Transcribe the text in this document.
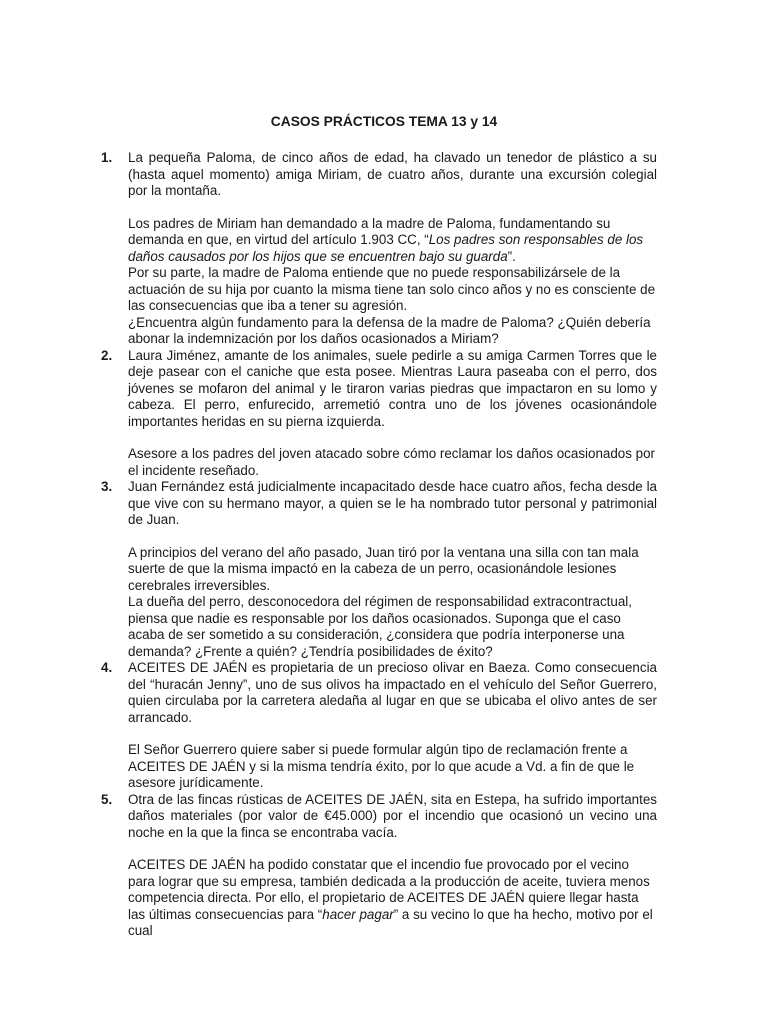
CASOS PRÁCTICOS TEMA 13 y 14
1. La pequeña Paloma, de cinco años de edad, ha clavado un tenedor de plástico a su (hasta aquel momento) amiga Miriam, de cuatro años, durante una excursión colegial por la montaña.

Los padres de Miriam han demandado a la madre de Paloma, fundamentando su demanda en que, en virtud del artículo 1.903 CC, “Los padres son responsables de los daños causados por los hijos que se encuentren bajo su guarda”.

Por su parte, la madre de Paloma entiende que no puede responsabilizársele de la actuación de su hija por cuanto la misma tiene tan solo cinco años y no es consciente de las consecuencias que iba a tener su agresión.

¿Encuentra algún fundamento para la defensa de la madre de Paloma? ¿Quién debería abonar la indemnización por los daños ocasionados a Miriam?

2. Laura Jiménez, amante de los animales, suele pedirle a su amiga Carmen Torres que le deje pasear con el caniche que esta posee. Mientras Laura paseaba con el perro, dos jóvenes se mofaron del animal y le tiraron varias piedras que impactaron en su lomo y cabeza. El perro, enfurecido, arremetió contra uno de los jóvenes ocasionándole importantes heridas en su pierna izquierda.

Asesore a los padres del joven atacado sobre cómo reclamar los daños ocasionados por el incidente reseñado.

3. Juan Fernández está judicialmente incapacitado desde hace cuatro años, fecha desde la que vive con su hermano mayor, a quien se le ha nombrado tutor personal y patrimonial de Juan.

A principios del verano del año pasado, Juan tiró por la ventana una silla con tan mala suerte de que la misma impactó en la cabeza de un perro, ocasionándole lesiones cerebrales irreversibles.

La dueña del perro, desconocedora del régimen de responsabilidad extracontractual, piensa que nadie es responsable por los daños ocasionados. Suponga que el caso acaba de ser sometido a su consideración, ¿considera que podría interponerse una demanda? ¿Frente a quién? ¿Tendría posibilidades de éxito?

4. ACEITES DE JAÉN es propietaria de un precioso olivar en Baeza. Como consecuencia del “huracán Jenny”, uno de sus olivos ha impactado en el vehículo del Señor Guerrero, quien circulaba por la carretera aledaña al lugar en que se ubicaba el olivo antes de ser arrancado.

El Señor Guerrero quiere saber si puede formular algún tipo de reclamación frente a ACEITES DE JAÉN y si la misma tendría éxito, por lo que acude a Vd. a fin de que le asesore jurídicamente.

5. Otra de las fincas rústicas de ACEITES DE JAÉN, sita en Estepa, ha sufrido importantes daños materiales (por valor de €45.000) por el incendio que ocasionó un vecino una noche en la que la finca se encontraba vacía.

ACEITES DE JAÉN ha podido constatar que el incendio fue provocado por el vecino para lograr que su empresa, también dedicada a la producción de aceite, tuviera menos competencia directa. Por ello, el propietario de ACEITES DE JAÉN quiere llegar hasta las últimas consecuencias para “hacer pagar” a su vecino lo que ha hecho, motivo por el cual
